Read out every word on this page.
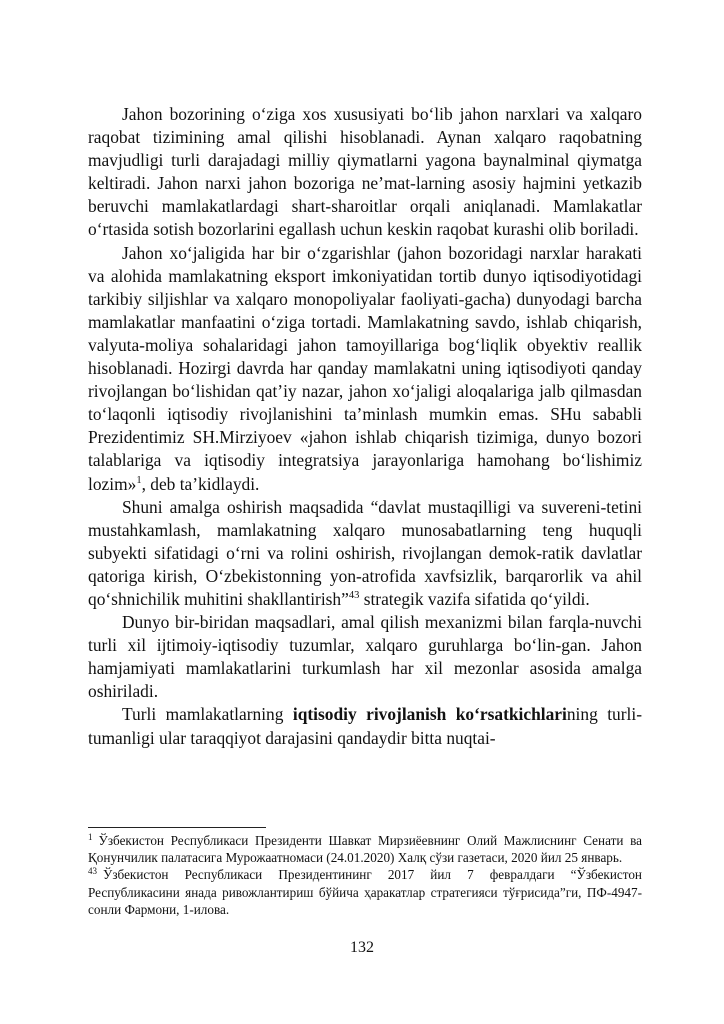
Jahon bozorining o‘ziga xos xususiyati bo‘lib jahon narxlari va xalqaro raqobat tizimining amal qilishi hisoblanadi. Aynan xalqaro raqobatning mavjudligi turli darajadagi milliy qiymatlarni yagona baynalminal qiymatga keltiradi. Jahon narxi jahon bozoriga ne’mat-larning asosiy hajmini yetkazib beruvchi mamlakatlardagi shart-sharoitlar orqali aniqlanadi. Mamlakatlar o‘rtasida sotish bozorlarini egallash uchun keskin raqobat kurashi olib boriladi.

Jahon xo‘jaligida har bir o‘zgarishlar (jahon bozoridagi narxlar harakati va alohida mamlakatning eksport imkoniyatidan tortib dunyo iqtisodiyotidagi tarkibiy siljishlar va xalqaro monopoliyalar faoliyati-gacha) dunyodagi barcha mamlakatlar manfaatini o‘ziga tortadi. Mamlakatning savdo, ishlab chiqarish, valyuta-moliya sohalaridagi jahon tamoyillariga bog‘liqlik obyektiv reallik hisoblanadi. Hozirgi davrda har qanday mamlakatni uning iqtisodiyoti qanday rivojlangan bo‘lishidan qat’iy nazar, jahon xo‘jaligi aloqalariga jalb qilmasdan to‘laqonli iqtisodiy rivojlanishini ta’minlash mumkin emas. SHu sababli Prezidentimiz SH.Mirziyoev «jahon ishlab chiqarish tizimiga, dunyo bozori talablariga va iqtisodiy integratsiya jarayonlariga hamohang bo‘lishimiz lozim»$^1$, deb ta’kidlaydi.

Shuni amalga oshirish maqsadida “davlat mustaqilligi va suvereni-tetini mustahkamlash, mamlakatning xalqaro munosabatlarning teng huquqli subyekti sifatidagi o‘rni va rolini oshirish, rivojlangan demok-ratik davlatlar qatoriga kirish, O‘zbekistonning yon-atrofida xavfsizlik, barqarorlik va ahil qo‘shnichilik muhitini shakllantirish”$^{43}$ strategik vazifa sifatida qo‘yildi.

Dunyo bir-biridan maqsadlari, amal qilish mexanizmi bilan farqla-nuvchi turli xil ijtimoiy-iqtisodiy tuzumlar, xalqaro guruhlarga bo‘lin-gan. Jahon hamjamiyati mamlakatlarini turkumlash har xil mezonlar asosida amalga oshiriladi.

Turli mamlakatlarning iqtisodiy rivojlanish ko‘rsatkichlarining turli-tumanligi ular taraqqiyot darajasini qandaydir bitta nuqtai-

$^1$ Ўзбекистон Республикаси Президенти Шавкат Мирзиёевнинг Олий Мажлиснинг Сенати ва Қонунчилик палатасига Мурожаатномаси (24.01.2020) Халқ сўзи газетаси, 2020 йил 25 январь.

$^{43}$ Ўзбекистон Республикаси Президентининг 2017 йил 7 февралдаги “Ўзбекистон Республикасини янада ривожлантириш бўйича ҳаракатлар стратегияси тўғрисида”ги, ПФ-4947-сонли Фармони, 1-илова.

132
